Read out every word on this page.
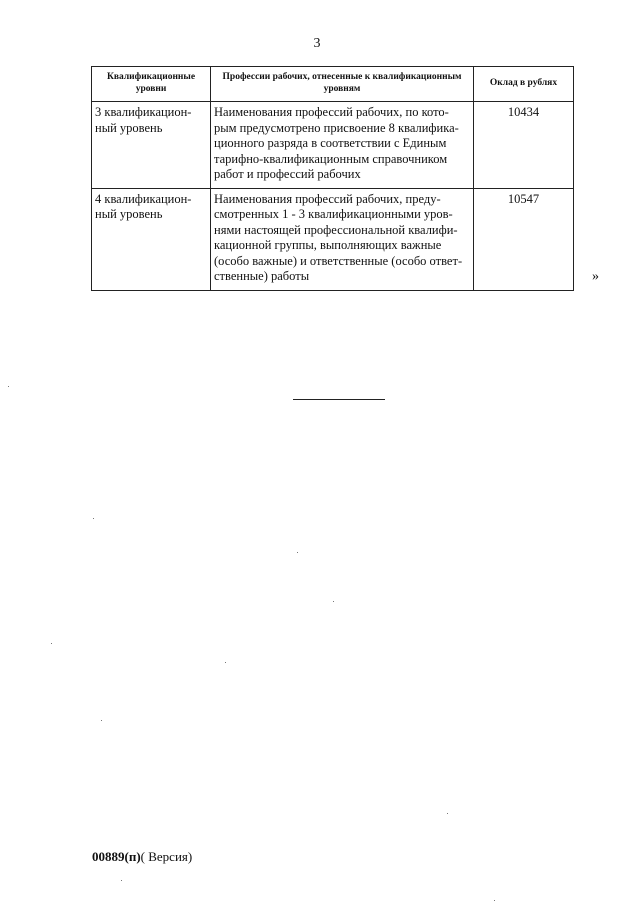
3
Квалификационные уровни	Профессии рабочих, отнесенные к квалификационным уровням	Оклад в рублях
3 квалификацион-ный уровень	Наименования профессий рабочих, по кото-рым предусмотрено присвоение 8 квалифика-ционного разряда в соответствии с Единым тарифно-квалификационным справочником работ и профессий рабочих	10434
4 квалификацион-ный уровень	Наименования профессий рабочих, преду-смотренных 1 - 3 квалификационными уров-нями настоящей профессиональной квалифи-кационной группы, выполняющих важные (особо важные) и ответственные (особо ответ-ственные) работы	10547
»
00889(п)( Версия)
